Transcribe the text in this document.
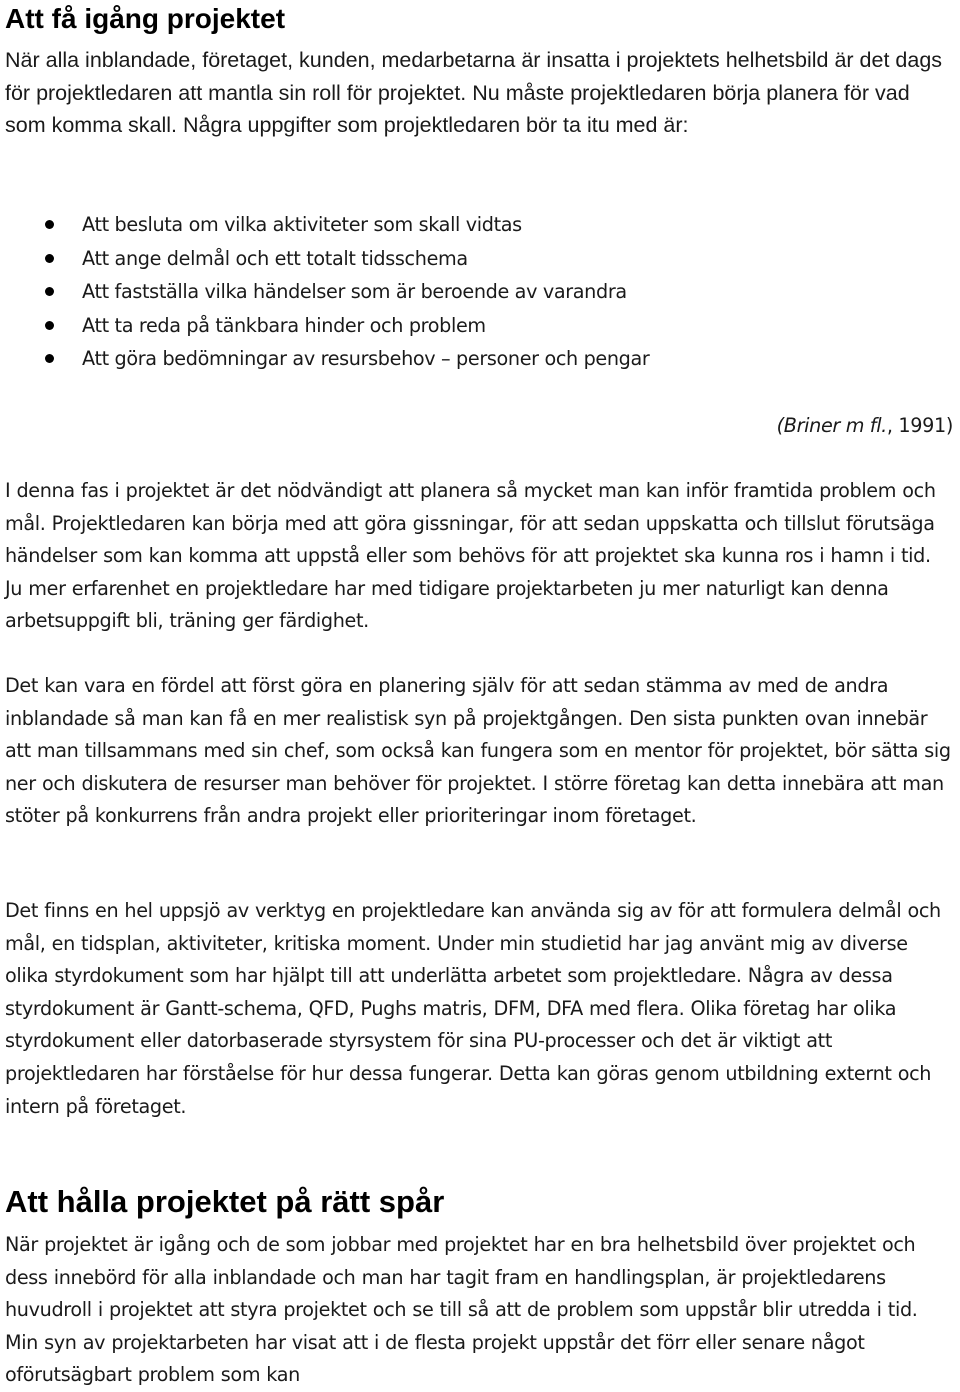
Att få igång projektet

När alla inblandade, företaget, kunden, medarbetarna är insatta i projektets helhetsbild är det dags för projektledaren att mantla sin roll för projektet. Nu måste projektledaren börja planera för vad som komma skall. Några uppgifter som projektledaren bör ta itu med är:

Att besluta om vilka aktiviteter som skall vidtas
Att ange delmål och ett totalt tidsschema
Att fastställa vilka händelser som är beroende av varandra
Att ta reda på tänkbara hinder och problem
Att göra bedömningar av resursbehov – personer och pengar
(Briner m fl., 1991)

I denna fas i projektet är det nödvändigt att planera så mycket man kan inför framtida problem och mål. Projektledaren kan börja med att göra gissningar, för att sedan uppskatta och tillslut förutsäga händelser som kan komma att uppstå eller som behövs för att projektet ska kunna ros i hamn i tid. Ju mer erfarenhet en projektledare har med tidigare projektarbeten ju mer naturligt kan denna arbetsuppgift bli, träning ger färdighet.

Det kan vara en fördel att först göra en planering själv för att sedan stämma av med de andra inblandade så man kan få en mer realistisk syn på projektgången. Den sista punkten ovan innebär att man tillsammans med sin chef, som också kan fungera som en mentor för projektet, bör sätta sig ner och diskutera de resurser man behöver för projektet. I större företag kan detta innebära att man stöter på konkurrens från andra projekt eller prioriteringar inom företaget.

Det finns en hel uppsjö av verktyg en projektledare kan använda sig av för att formulera delmål och mål, en tidsplan, aktiviteter, kritiska moment. Under min studietid har jag använt mig av diverse olika styrdokument som har hjälpt till att underlätta arbetet som projektledare. Några av dessa styrdokument är Gantt-schema, QFD, Pughs matris, DFM, DFA med flera. Olika företag har olika styrdokument eller datorbaserade styrsystem för sina PU-processer och det är viktigt att projektledaren har förståelse för hur dessa fungerar. Detta kan göras genom utbildning externt och intern på företaget.

Att hålla projektet på rätt spår

När projektet är igång och de som jobbar med projektet har en bra helhetsbild över projektet och dess innebörd för alla inblandade och man har tagit fram en handlingsplan, är projektledarens huvudroll i projektet att styra projektet och se till så att de problem som uppstår blir utredda i tid. Min syn av projektarbeten har visat att i de flesta projekt uppstår det förr eller senare något oförutsägbart problem som kan
